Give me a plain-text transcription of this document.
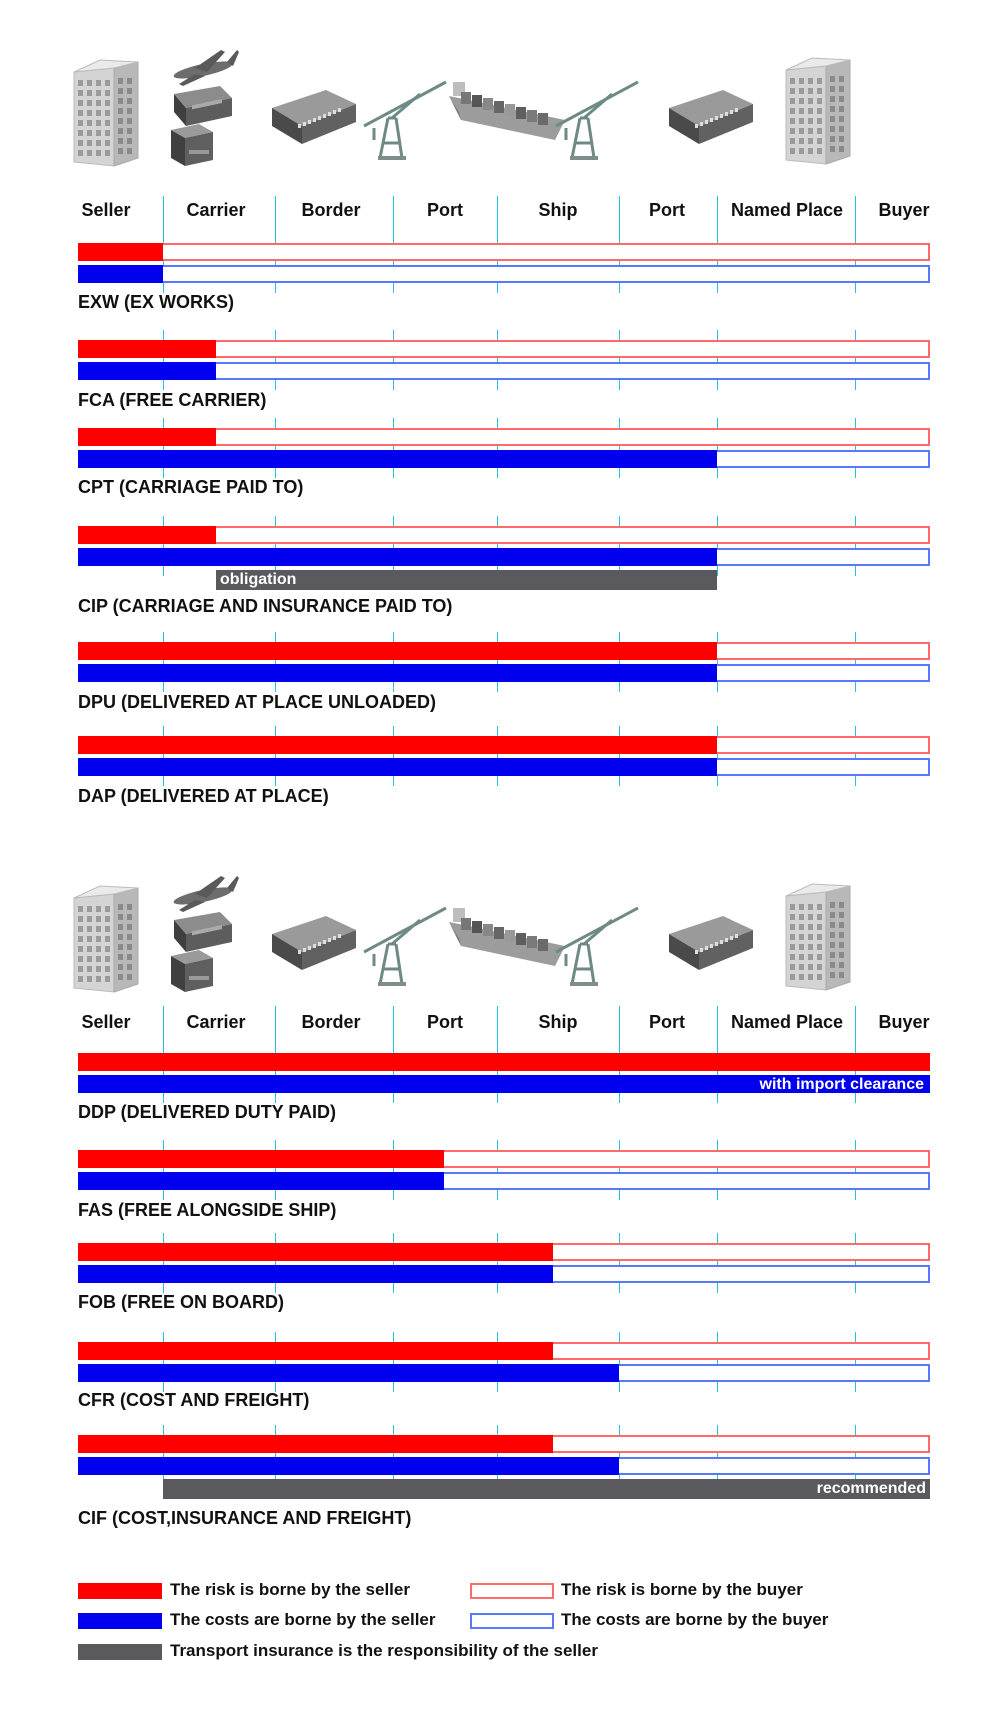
Seller	Carrier	Border	Port	Ship	Port	Named Place Buyer
EXW (EX WORKS)
FCA (FREE CARRIER)
CPT (CARRIAGE PAID TO)
obligation
CIP (CARRIAGE AND INSURANCE PAID TO)
DPU (DELIVERED AT PLACE UNLOADED)
DAP (DELIVERED AT PLACE)
Seller	Carrier	Border	Port	Ship	Port	Named Place Buyer
with import clearance
DDP (DELIVERED DUTY PAID)
FAS (FREE ALONGSIDE SHIP)
FOB (FREE ON BOARD)
CFR (COST AND FREIGHT)
recommended
CIF (COST,INSURANCE AND FREIGHT)
The risk is borne by the seller	The risk is borne by the buyer
The costs are borne by the seller	The costs are borne by the buyer
Transport insurance is the responsibility of the seller
